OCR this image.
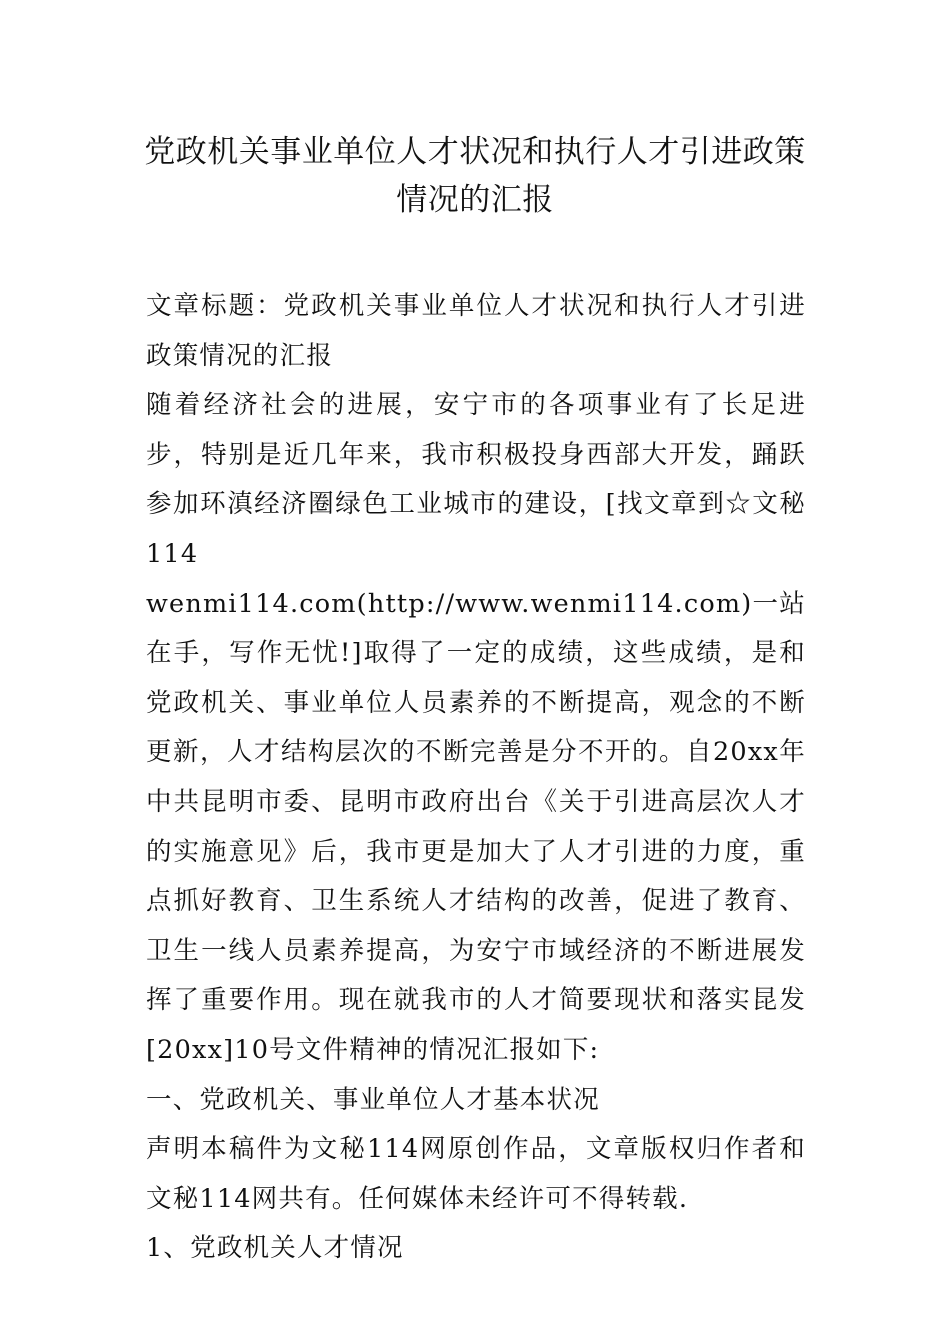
党政机关事业单位人才状况和执行人才引进政策情况的汇报

文章标题：党政机关事业单位人才状况和执行人才引进政策情况的汇报

随着经济社会的进展，安宁市的各项事业有了长足进步，特别是近几年来，我市积极投身西部大开发，踊跃参加环滇经济圈绿色工业城市的建设，[找文章到☆文秘114 wenmi114.com(http://www.wenmi114.com)一站在手，写作无忧!]取得了一定的成绩，这些成绩，是和党政机关、事业单位人员素养的不断提高，观念的不断更新，人才结构层次的不断完善是分不开的。自20xx年中共昆明市委、昆明市政府出台《关于引进高层次人才的实施意见》后，我市更是加大了人才引进的力度，重点抓好教育、卫生系统人才结构的改善，促进了教育、卫生一线人员素养提高，为安宁市域经济的不断进展发挥了重要作用。现在就我市的人才简要现状和落实昆发[20xx]10号文件精神的情况汇报如下:

一、党政机关、事业单位人才基本状况

声明本稿件为文秘114网原创作品，文章版权归作者和文秘114网共有。任何媒体未经许可不得转载.

1、党政机关人才情况
